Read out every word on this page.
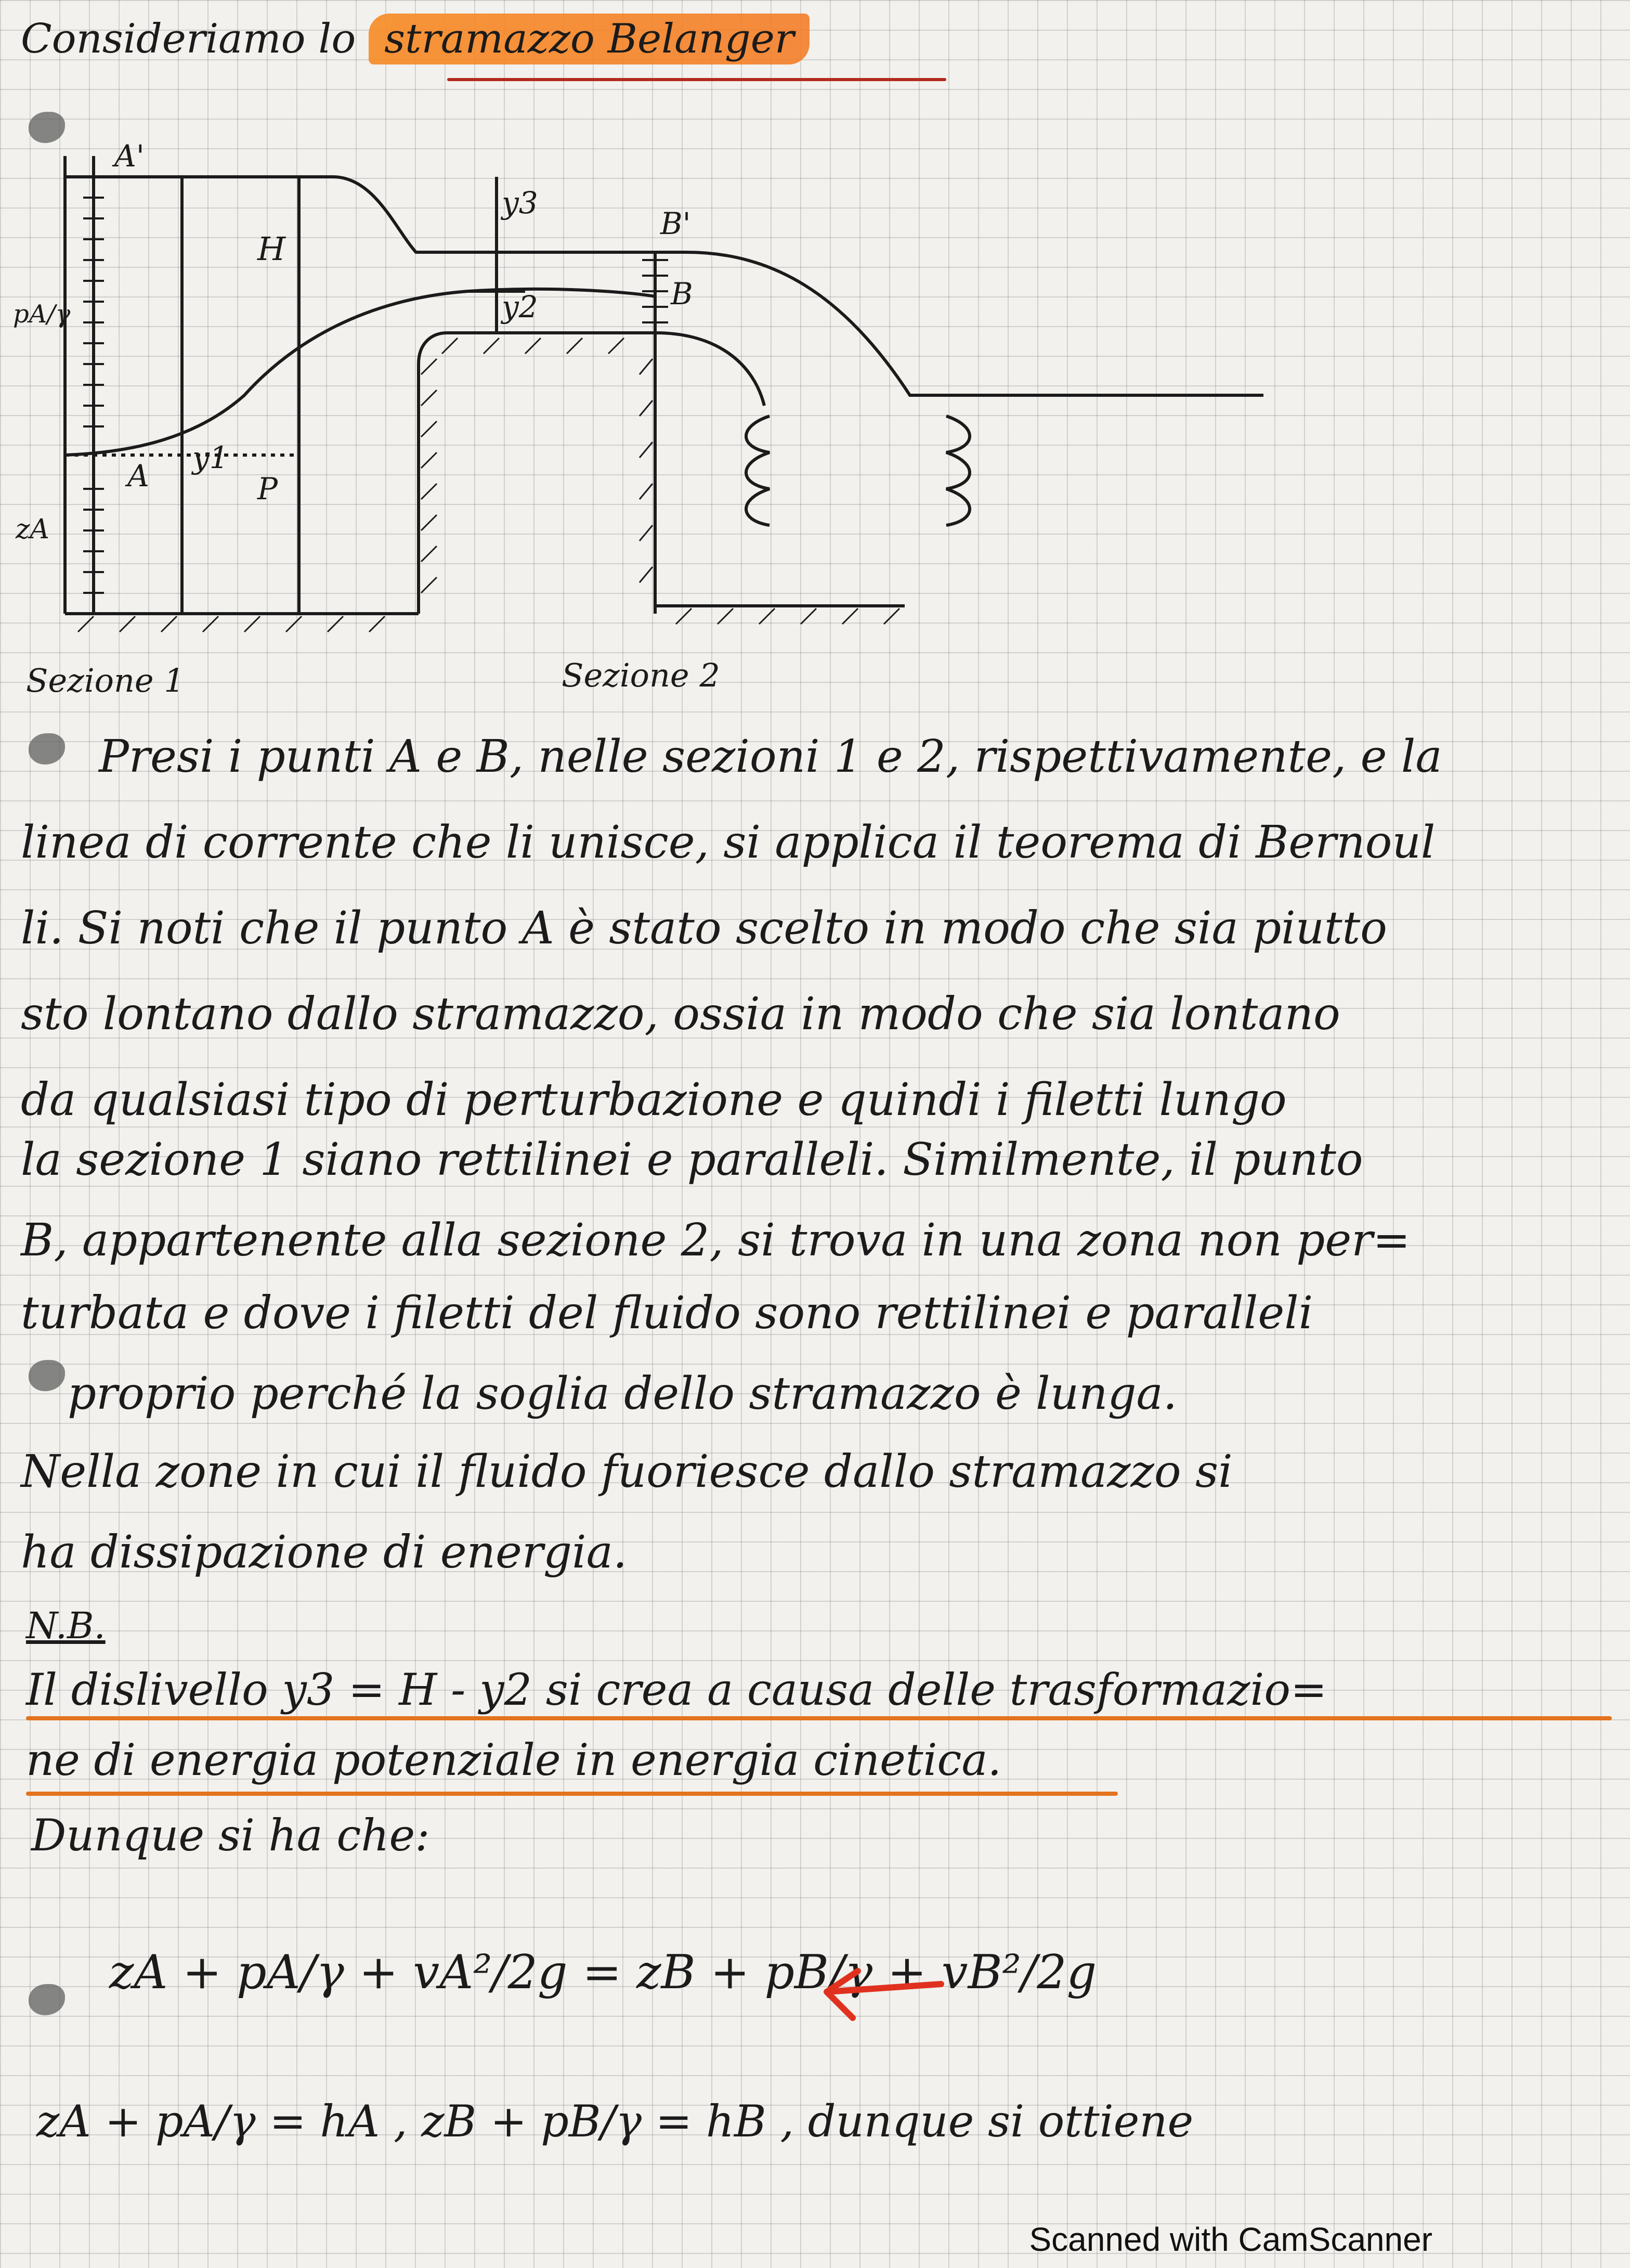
Consideriamo lo stramazzo Belanger
A'
B'
A
B
H
y1
y2
y3
P
zA
pA/γ
Sezione 1	Sezione 2
Presi i punti A e B, nelle sezioni 1 e 2, rispettivamente, e la
linea di corrente che li unisce, si applica il teorema di Bernoul
li. Si noti che il punto A è stato scelto in modo che sia piutto
sto lontano dallo stramazzo, ossia in modo che sia lontano
da qualsiasi tipo di perturbazione e quindi i filetti lungo
la sezione 1 siano rettilinei e paralleli. Similmente, il punto
B, appartenente alla sezione 2, si trova in una zona non per=
turbata e dove i filetti del fluido sono rettilinei e paralleli
proprio perché la soglia dello stramazzo è lunga.
Nella zone in cui il fluido fuoriesce dallo stramazzo si
ha dissipazione di energia.
N.B.
Il dislivello y3 = H - y2 si crea a causa delle trasformazio=
ne di energia potenziale in energia cinetica.
Dunque si ha che:
zA + pA/γ + vA²/2g = zB + pB/γ + vB²/2g
zA + pA/γ = hA , zB + pB/γ = hB , dunque si ottiene
Scanned with CamScanner
